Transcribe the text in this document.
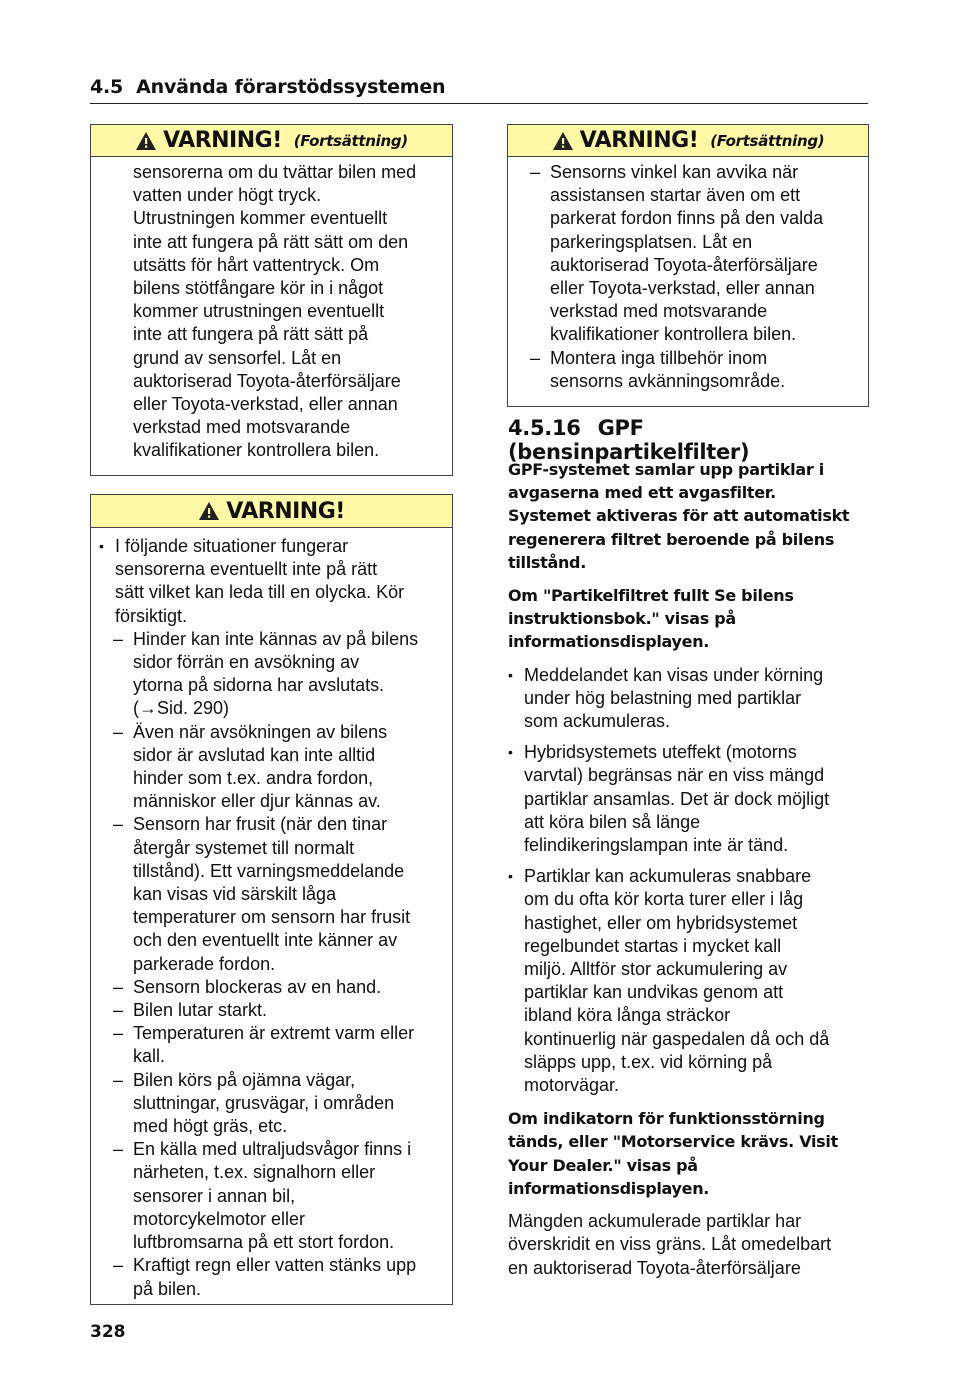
4.5 Använda förarstödssystemen
VARNING! (Fortsättning)
sensorerna om du tvättar bilen med
vatten under högt tryck.
Utrustningen kommer eventuellt
inte att fungera på rätt sätt om den
utsätts för hårt vattentryck. Om
bilens stötfångare kör in i något
kommer utrustningen eventuellt
inte att fungera på rätt sätt på
grund av sensorfel. Låt en
auktoriserad Toyota-återförsäljare
eller Toyota-verkstad, eller annan
verkstad med motsvarande
kvalifikationer kontrollera bilen.
VARNING!
• I följande situationer fungerar
sensorerna eventuellt inte på rätt
sätt vilket kan leda till en olycka. Kör
försiktigt.
– Hinder kan inte kännas av på bilens
sidor förrän en avsökning av
ytorna på sidorna har avslutats.
(→Sid. 290)
– Även när avsökningen av bilens
sidor är avslutad kan inte alltid
hinder som t.ex. andra fordon,
människor eller djur kännas av.
– Sensorn har frusit (när den tinar
återgår systemet till normalt
tillstånd). Ett varningsmeddelande
kan visas vid särskilt låga
temperaturer om sensorn har frusit
och den eventuellt inte känner av
parkerade fordon.
– Sensorn blockeras av en hand.
– Bilen lutar starkt.
– Temperaturen är extremt varm eller
kall.
– Bilen körs på ojämna vägar,
sluttningar, grusvägar, i områden
med högt gräs, etc.
– En källa med ultraljudsvågor finns i
närheten, t.ex. signalhorn eller
sensorer i annan bil,
motorcykelmotor eller
luftbromsarna på ett stort fordon.
– Kraftigt regn eller vatten stänks upp
på bilen.
VARNING! (Fortsättning)
– Sensorns vinkel kan avvika när
assistansen startar även om ett
parkerat fordon finns på den valda
parkeringsplatsen. Låt en
auktoriserad Toyota-återförsäljare
eller Toyota-verkstad, eller annan
verkstad med motsvarande
kvalifikationer kontrollera bilen.
– Montera inga tillbehör inom
sensorns avkänningsområde.
4.5.16 GPF (bensinpartikelfilter)
GPF-systemet samlar upp partiklar i
avgaserna med ett avgasfilter.
Systemet aktiveras för att automatiskt
regenerera filtret beroende på bilens
tillstånd.
Om "Partikelfiltret fullt Se bilens
instruktionsbok." visas på
informationsdisplayen.
• Meddelandet kan visas under körning
under hög belastning med partiklar
som ackumuleras.
• Hybridsystemets uteffekt (motorns
varvtal) begränsas när en viss mängd
partiklar ansamlas. Det är dock möjligt
att köra bilen så länge
felindikeringslampan inte är tänd.
• Partiklar kan ackumuleras snabbare
om du ofta kör korta turer eller i låg
hastighet, eller om hybridsystemet
regelbundet startas i mycket kall
miljö. Alltför stor ackumulering av
partiklar kan undvikas genom att
ibland köra långa sträckor
kontinuerlig när gaspedalen då och då
släpps upp, t.ex. vid körning på
motorvägar.
Om indikatorn för funktionsstörning
tänds, eller "Motorservice krävs. Visit
Your Dealer." visas på
informationsdisplayen.
Mängden ackumulerade partiklar har
överskridit en viss gräns. Låt omedelbart
en auktoriserad Toyota-återförsäljare
328
